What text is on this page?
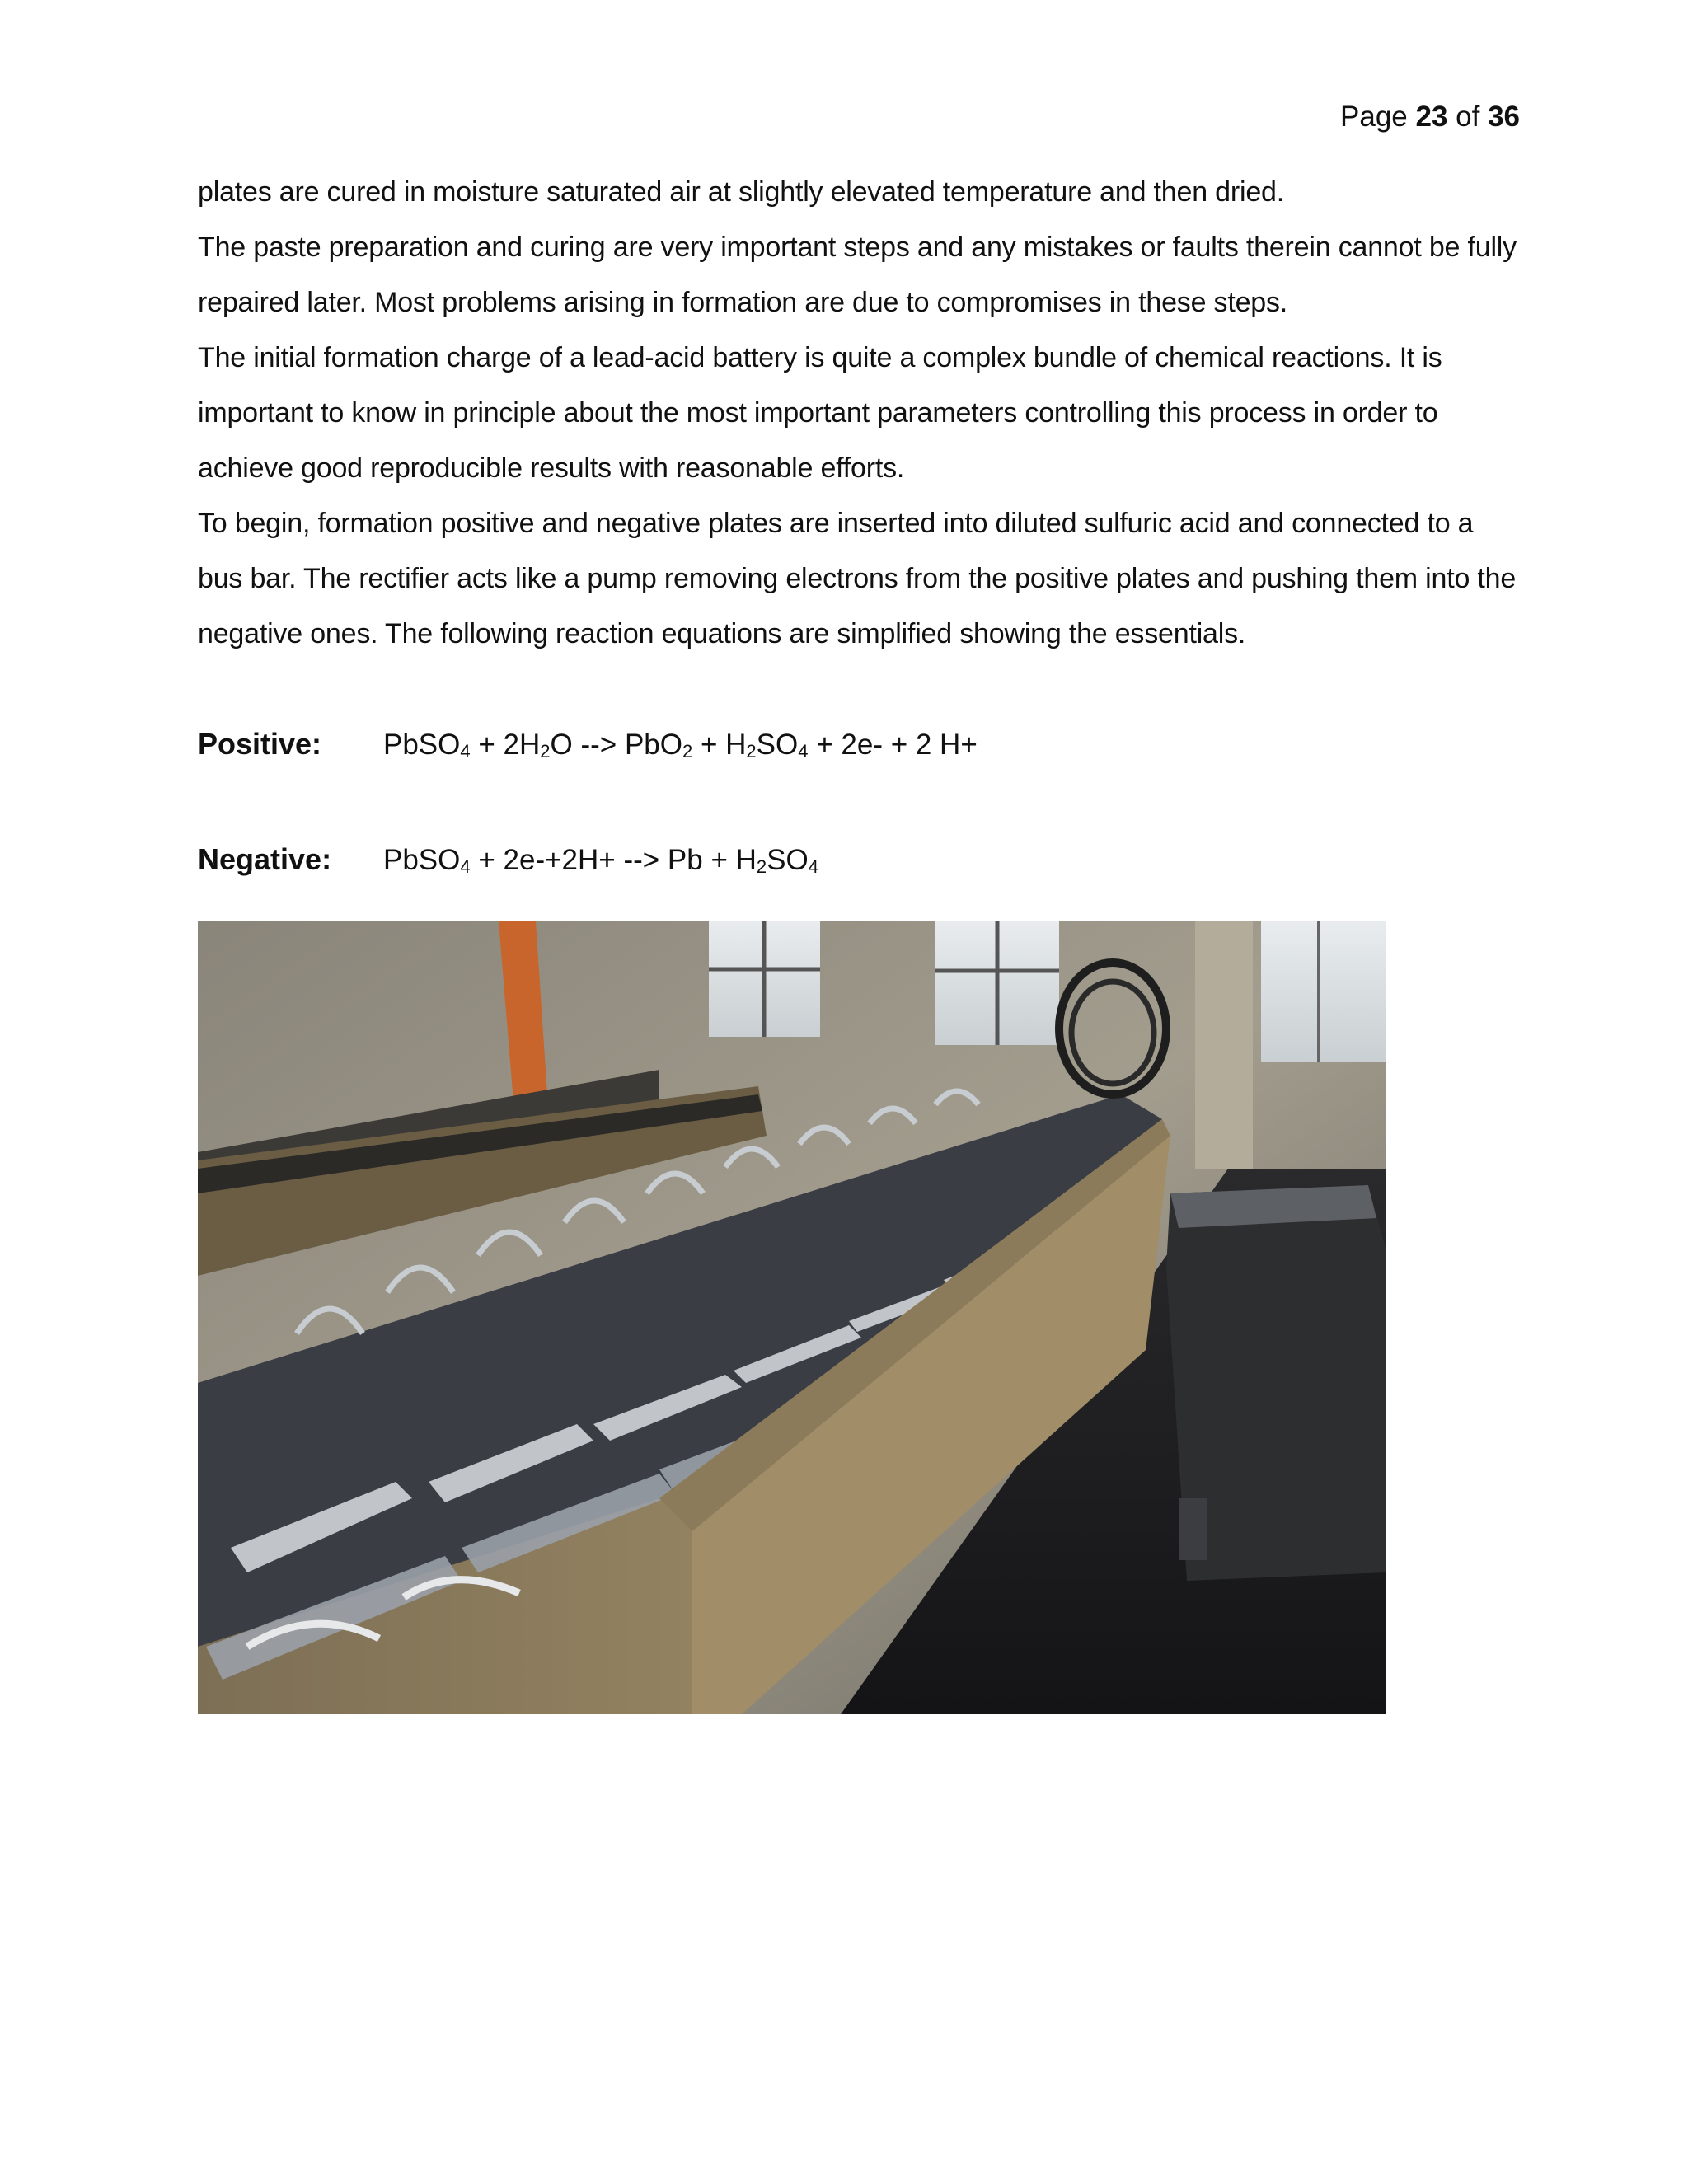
Page 23 of 36

plates are cured in moisture saturated air at slightly elevated temperature and then dried.

The paste preparation and curing are very important steps and any mistakes or faults therein cannot be fully repaired later. Most problems arising in formation are due to compromises in these steps.

The initial formation charge of a lead-acid battery is quite a complex bundle of chemical reactions. It is important to know in principle about the most important parameters controlling this process in order to achieve good reproducible results with reasonable efforts.

To begin, formation positive and negative plates are inserted into diluted sulfuric acid and connected to a bus bar. The rectifier acts like a pump removing electrons from the positive plates and pushing them into the negative ones. The following reaction equations are simplified showing the essentials.

Positive: PbSO$_4$ + $2H_2O$ --> $PbO_2 + H_2SO_4 + 2e- + 2$ H+
Negative: PbSO$_4$ + 2e-+2H+ --> $Pb + H_2SO_4$
